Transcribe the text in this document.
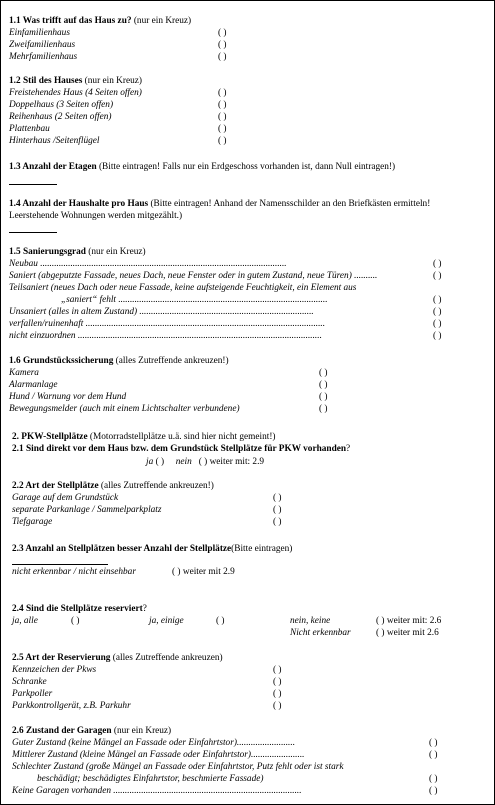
1.1 Was trifft auf das Haus zu? (nur ein Kreuz)
Einfamilienhaus	( )
Zweifamilienhaus	( )
Mehrfamilienhaus	( )
1.2 Stil des Hauses (nur ein Kreuz)
Freistehendes Haus (4 Seiten offen)	( )
Doppelhaus (3 Seiten offen)	( )
Reihenhaus (2 Seiten offen)	( )
Plattenbau	( )
Hinterhaus /Seitenflügel	( )
1.3 Anzahl der Etagen (Bitte eintragen! Falls nur ein Erdgeschoss vorhanden ist, dann Null eintragen!)
1.4 Anzahl der Haushalte pro Haus (Bitte eintragen! Anhand der Namensschilder an den Briefkästen ermitteln!
Leerstehende Wohnungen werden mitgezählt.)
1.5 Sanierungsgrad (nur ein Kreuz)
Neubau ..........................................................................................................	( )
Saniert (abgeputzte Fassade, neues Dach, neue Fenster oder in gutem Zustand, neue Türen) ..........	( )
Teilsaniert (neues Dach oder neue Fassade, keine aufsteigende Feuchtigkeit, ein Element aus
„saniert“ fehlt ..........................................................................................	( )
Unsaniert (alles in altem Zustand) ...........................................................................	( )
verfallen/ruinenhaft .......................................................................................................	( )
nicht einzuordnen .........................................................................................................	( )
1.6 Grundstückssicherung (alles Zutreffende ankreuzen!)
Kamera	( )
Alarmanlage	( )
Hund / Warnung vor dem Hund	( )
Bewegungsmelder (auch mit einem Lichtschalter verbundene)	( )
2. PKW-Stellplätze (Motorradstellplätze u.ä. sind hier nicht gemeint!)
2.1 Sind direkt vor dem Haus bzw. dem Grundstück Stellplätze für PKW vorhanden?
ja ( ) nein ( ) weiter mit: 2.9
2.2 Art der Stellplätze (alles Zutreffende ankreuzen!)
Garage auf dem Grundstück	( )
separate Parkanlage / Sammelparkplatz	( )
Tiefgarage	( )
2.3 Anzahl an Stellplätzen besser Anzahl der Stellplätze(Bitte eintragen)
nicht erkennbar / nicht einsehbar	( ) weiter mit 2.9
2.4 Sind die Stellplätze reserviert?
ja, alle	( )	ja, einige	( )	nein, keine	( ) weiter mit: 2.6
Nicht erkennbar	( ) weiter mit 2.6
2.5 Art der Reservierung (alles Zutreffende ankreuzen)
Kennzeichen der Pkws	( )
Schranke	( )
Parkpoller	( )
Parkkontrollgerät, z.B. Parkuhr	( )
2.6 Zustand der Garagen (nur ein Kreuz)
Guter Zustand (keine Mängel an Fassade oder Einfahrtstor).........................	( )
Mittlerer Zustand (kleine Mängel an Fassade oder Einfahrtstor).......................	( )
Schlechter Zustand (große Mängel an Fassade oder Einfahrtstor, Putz fehlt oder ist stark
beschädigt; beschädigtes Einfahrtstor, beschmierte Fassade)	( )
Keine Garagen vorhanden .................................................................................	( )
